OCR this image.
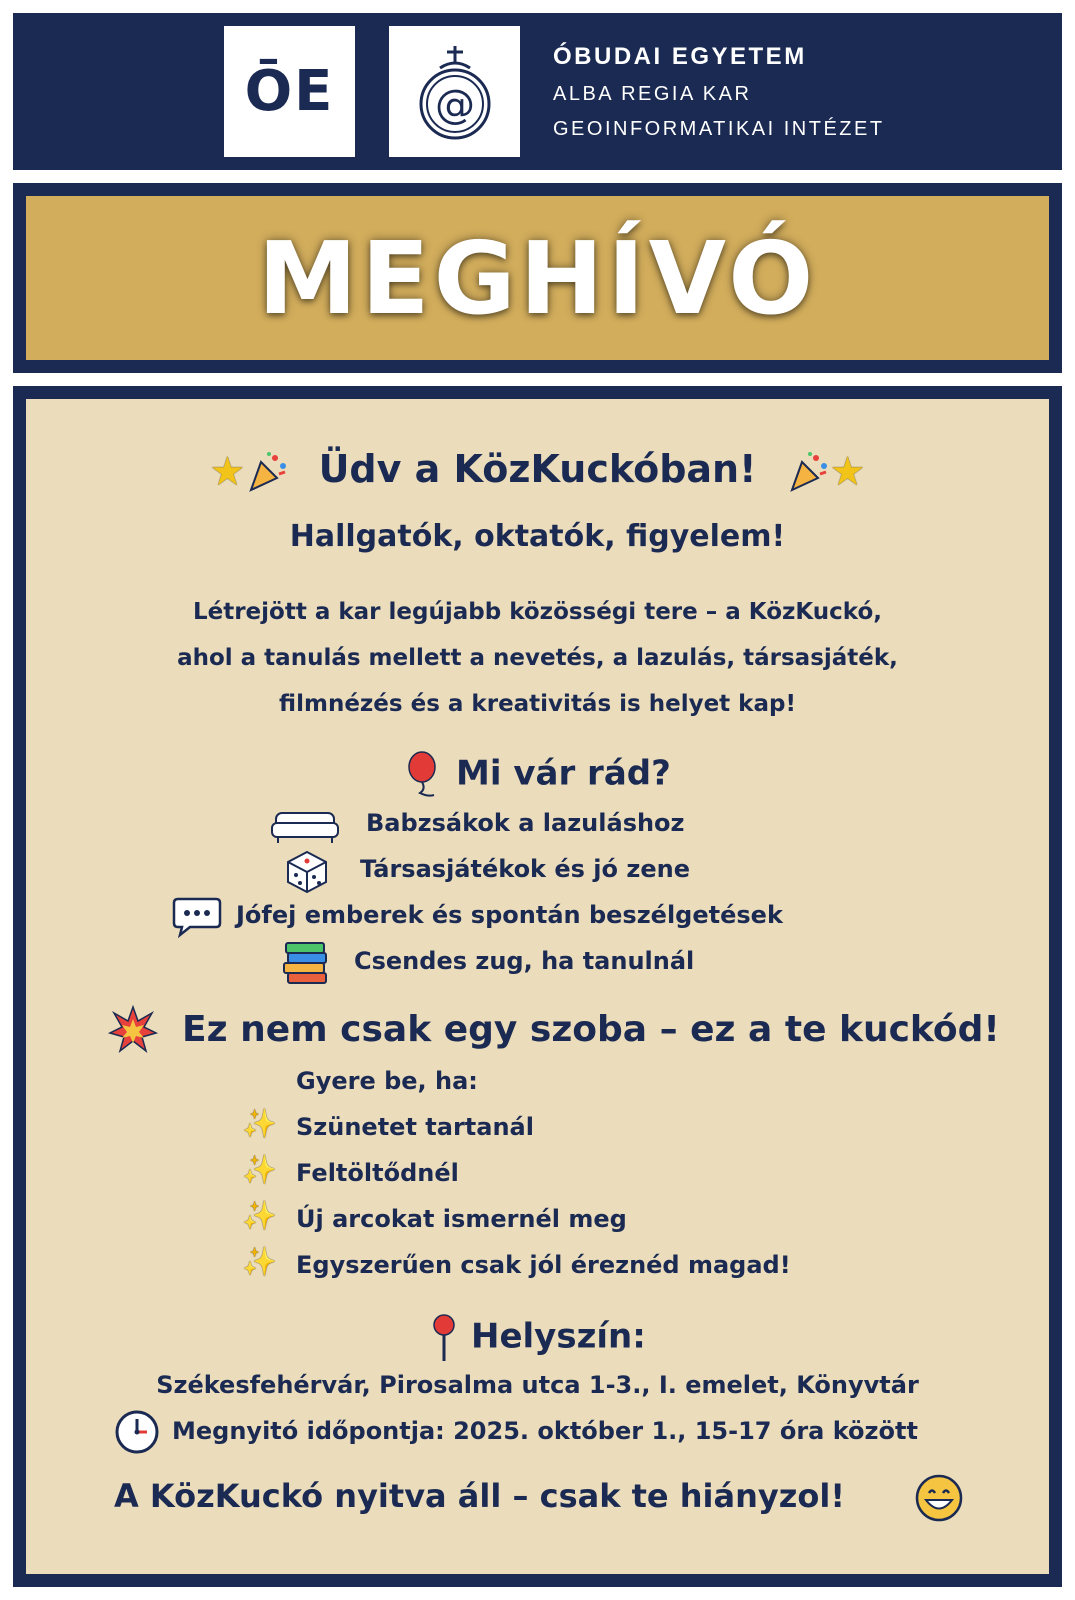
ŌE	@
ÓBUDAI EGYETEM
ALBA REGIA KAR
GEOINFORMATIKAI INTÉZET
MEGHÍVÓ
★ Üdv a KözKuckóban! ★
Hallgatók, oktatók, figyelem!
Létrejött a kar legújabb közösségi tere – a KözKuckó,
ahol a tanulás mellett a nevetés, a lazulás, társasjáték,
filmnézés és a kreativitás is helyet kap!
Mi vár rád?
Babzsákok a lazuláshoz
Társasjátékok és jó zene
Jófej emberek és spontán beszélgetések
Csendes zug, ha tanulnál
Ez nem csak egy szoba – ez a te kuckód!
Gyere be, ha:
✨ Szünetet tartanál
✨ Feltöltődnél
✨ Új arcokat ismernél meg
✨ Egyszerűen csak jól éreznéd magad!
Helyszín:
Székesfehérvár, Pirosalma utca 1-3., I. emelet, Könyvtár
Megnyitó időpontja: 2025. október 1., 15-17 óra között
A KözKuckó nyitva áll – csak te hiányzol!
